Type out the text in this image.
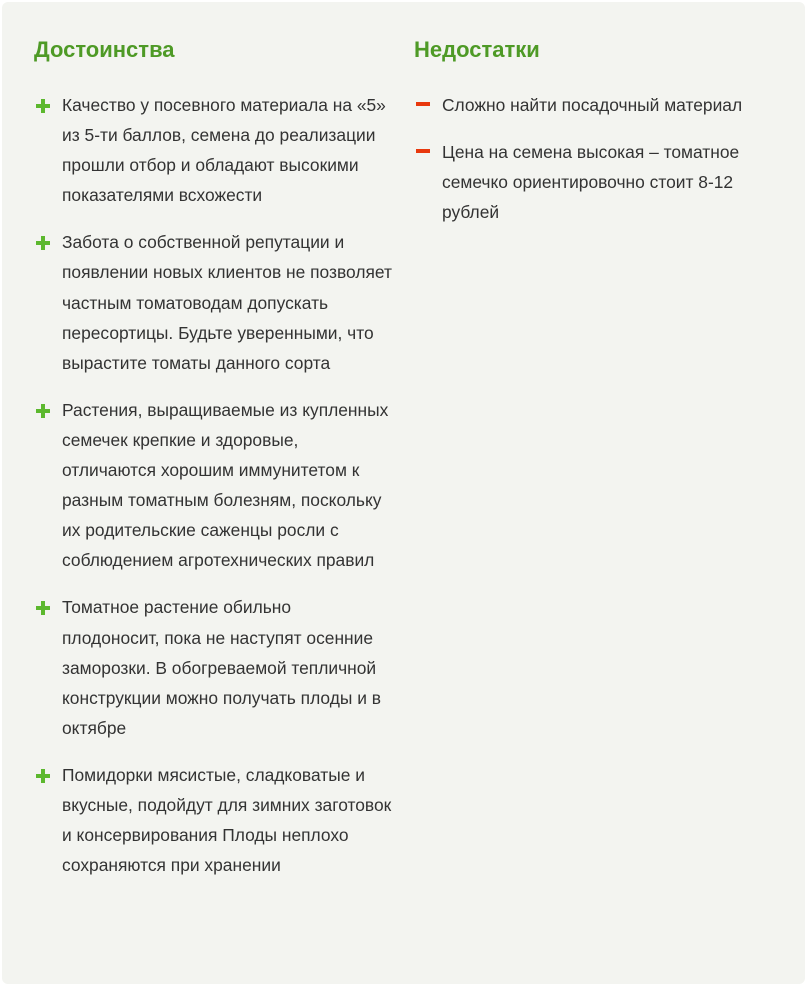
Достоинства
Качество у посевного материала на «5» из 5-ти баллов, семена до реализации прошли отбор и обладают высокими показателями всхожести
Забота о собственной репутации и появлении новых клиентов не позволяет частным томатоводам допускать пересортицы. Будьте уверенными, что вырастите томаты данного сорта
Растения, выращиваемые из купленных семечек крепкие и здоровые, отличаются хорошим иммунитетом к разным томатным болезням, поскольку их родительские саженцы росли с соблюдением агротехнических правил
Томатное растение обильно плодоносит, пока не наступят осенние заморозки. В обогреваемой тепличной конструкции можно получать плоды и в октябре
Помидорки мясистые, сладковатые и вкусные, подойдут для зимних заготовок и консервирования Плоды неплохо сохраняются при хранении
Недостатки
Сложно найти посадочный материал
Цена на семена высокая – томатное семечко ориентировочно стоит 8-12 рублей
